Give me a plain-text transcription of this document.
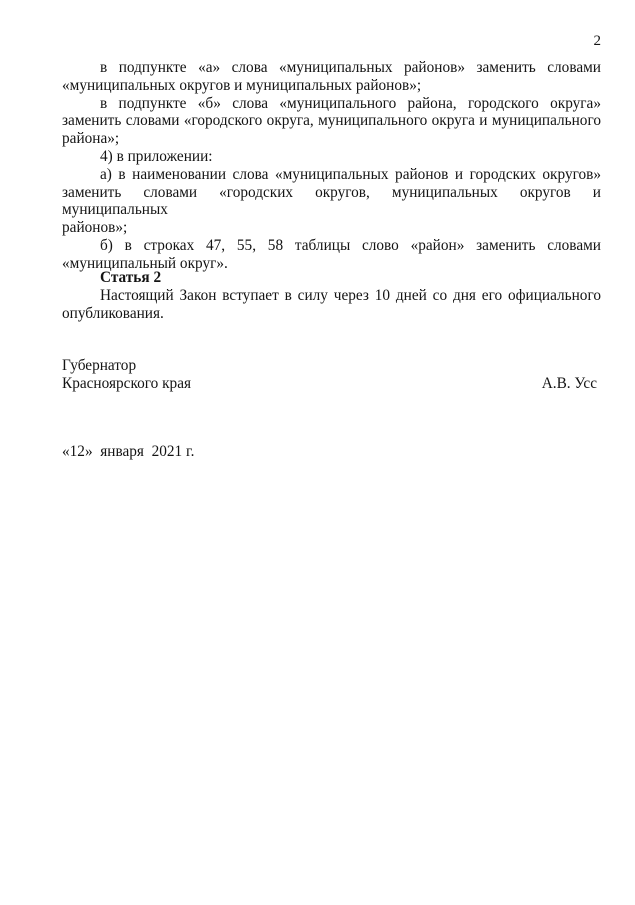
2
в подпункте «а» слова «муниципальных районов» заменить словами
«муниципальных округов и муниципальных районов»;
в подпункте «б» слова «муниципального района, городского округа»
заменить словами «городского округа, муниципального округа и муниципального
района»;
4) в приложении:
а) в наименовании слова «муниципальных районов и городских округов»
заменить словами «городских округов, муниципальных округов и муниципальных
районов»;
б) в строках 47, 55, 58 таблицы слово «район» заменить словами
«муниципальный округ».
Статья 2
Настоящий Закон вступает в силу через 10 дней со дня его официального
опубликования.
Губернатор
Красноярского края	А.В. Усс
«12»  января  2021 г.
